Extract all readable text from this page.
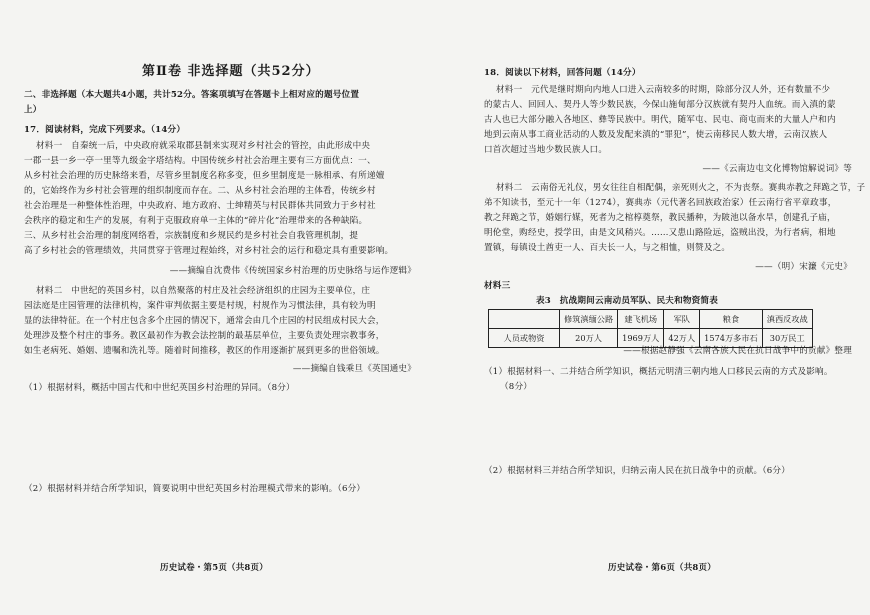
第Ⅱ卷 非选择题（共52分）
二、非选择题（本大题共4小题，共计52分。答案项填写在答题卡上相对应的题号位置
上）
17．阅读材料，完成下列要求。（14分）
材料一　自秦统一后，中央政府就采取郡县制来实现对乡村社会的管控，由此形成中央
一郡一县一乡一亭一里等九级金字塔结构。中国传统乡村社会治理主要有三方面优点：一、
从乡村社会治理的历史脉络来看，尽管乡里制度名称多变，但乡里制度是一脉相承、有所递嬗
的，它始终作为乡村社会管理的组织制度而存在。二、从乡村社会治理的主体看，传统乡村
社会治理是一种整体性治理，中央政府、地方政府、士绅精英与村民群体共同致力于乡村社
会秩序的稳定和生产的发展，有利于克服政府单一主体的“碎片化”治理带来的各种缺陷。
三、从乡村社会治理的制度网络看，宗族制度和乡规民约是乡村社会自我管理机制，提
高了乡村社会的管理绩效，共同贯穿于管理过程始终，对乡村社会的运行和稳定具有重要影响。
——摘编自沈费伟《传统国家乡村治理的历史脉络与运作逻辑》
材料二　中世纪的英国乡村，以自然聚落的村庄及社会经济组织的庄园为主要单位，庄
园法庭是庄园管理的法律机构，案件审判依据主要是村规，村规作为习惯法律，具有较为明
显的法律特征。在一个村庄包含多个庄园的情况下，通常会由几个庄园的村民组成村民大会，
处理涉及整个村庄的事务。教区最初作为教会法控制的最基层单位，主要负责处理宗教事务，
如生老病死、婚姻、遗嘱和洗礼等。随着时间推移，教区的作用逐渐扩展到更多的世俗领域。
——摘编自钱乘旦《英国通史》
（1）根据材料，概括中国古代和中世纪英国乡村治理的异同。（8分）
（2）根据材料并结合所学知识，简要说明中世纪英国乡村治理模式带来的影响。（6分）
历史试卷・第5页（共8页）
18．阅读以下材料，回答问题（14分）
材料一　元代是继时期向内地人口进入云南较多的时期，除部分汉人外，还有数量不少
的蒙古人、回回人、契丹人等少数民族，今保山施甸部分汉族就有契丹人血统。而入滇的蒙
古人也已大部分融入各地区、彝等民族中。明代，随军屯、民屯、商屯而来的大量人户和内
地到云南从事工商业活动的人数及发配来滇的“罪犯”，使云南移民人数大增，云南汉族人
口首次超过当地少数民族人口。
——《云南边屯文化博物馆解说词》等
材料二　云南俗无礼仪，男女往往自相配偶，亲死则火之，不为丧祭。赛典赤教之拜跪之节，子
弟不知读书，至元十一年（1274），赛典赤（元代著名回族政治家）任云南行省平章政事，
教之拜跪之节，婚姻行媒，死者为之棺椁奠祭，教民播种，为陂池以备水旱，创建孔子庙，
明伦堂，购经史，授学田，由是文风稍兴。……又患山路险远，盗贼出没，为行者病，相地
置镇，每镇设土酋吏一人、百夫长一人，与之相恤，则赞及之。
——（明）宋濂《元史》
材料三
表3　抗战期间云南动员军队、民夫和物资简表
	修筑滇缅公路	建飞机场	军队	粮食	滇西反攻战
人员或物资	20万人	1969万人	42万人	1574万多市石	30万民工
——根据赵静强《云南各族人民在抗日战争中的贡献》整理
（1）根据材料一、二并结合所学知识，概括元明清三朝内地人口移民云南的方式及影响。
（8分）
（2）根据材料三并结合所学知识，归纳云南人民在抗日战争中的贡献。（6分）
历史试卷・第6页（共8页）
